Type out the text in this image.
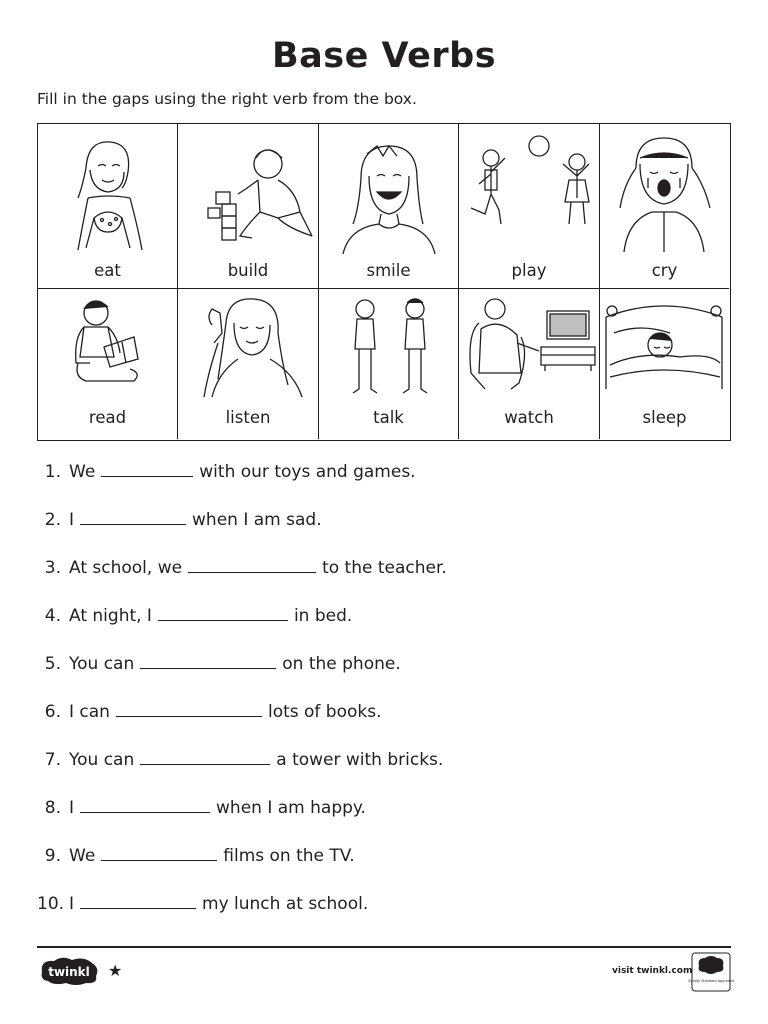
Base Verbs
Fill in the gaps using the right verb from the box.
eat	build	smile	play	cry
read	listen	talk	watch	sleep
1. We	with our toys and games.
2. I	when I am sad.
3. At school, we	to the teacher.
4. At night, I	in bed.
5. You can	on the phone.
6. I can	lots of books.
7. You can	a tower with bricks.
8. I	when I am happy.
9. We	films on the TV.
10. I	my lunch at school.
twinkl ★	visit twinkl.com
Quality Standard Approved
